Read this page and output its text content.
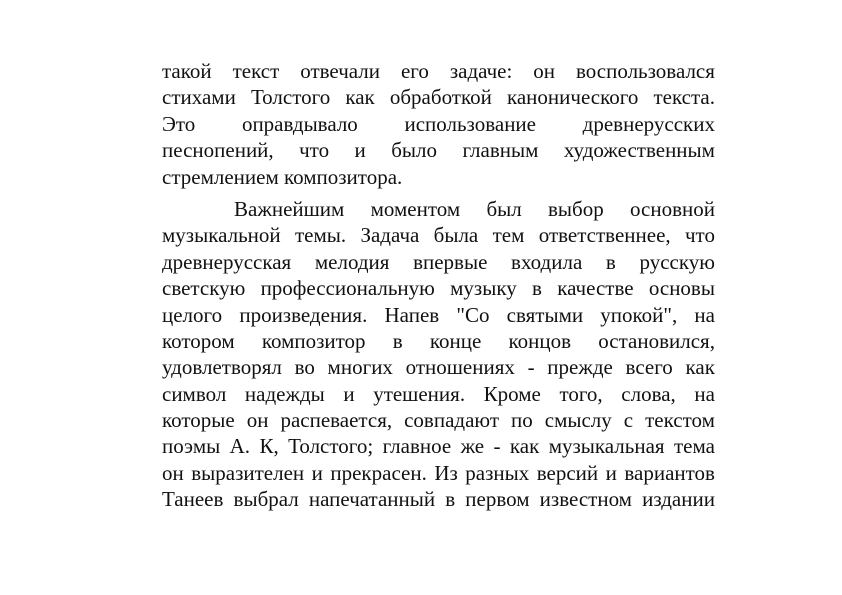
такой текст отвечали его задаче: он воспользовался
стихами Толстого как обработкой канонического текста.
Это оправдывало использование древнерусских
песнопений, что и было главным художественным
стремлением композитора.
Важнейшим моментом был выбор основной
музыкальной темы. Задача была тем ответственнее, что
древнерусская мелодия впервые входила в русскую
светскую профессиональную музыку в качестве основы
целого произведения. Напев "Со святыми упокой", на
котором композитор в конце концов остановился,
удовлетворял во многих отношениях - прежде всего как
символ надежды и утешения. Кроме того, слова, на
которые он распевается, совпадают по смыслу с текстом
поэмы А. К, Толстого; главное же - как музыкальная тема
он выразителен и прекрасен. Из разных версий и вариантов
Танеев выбрал напечатанный в первом известном издании
